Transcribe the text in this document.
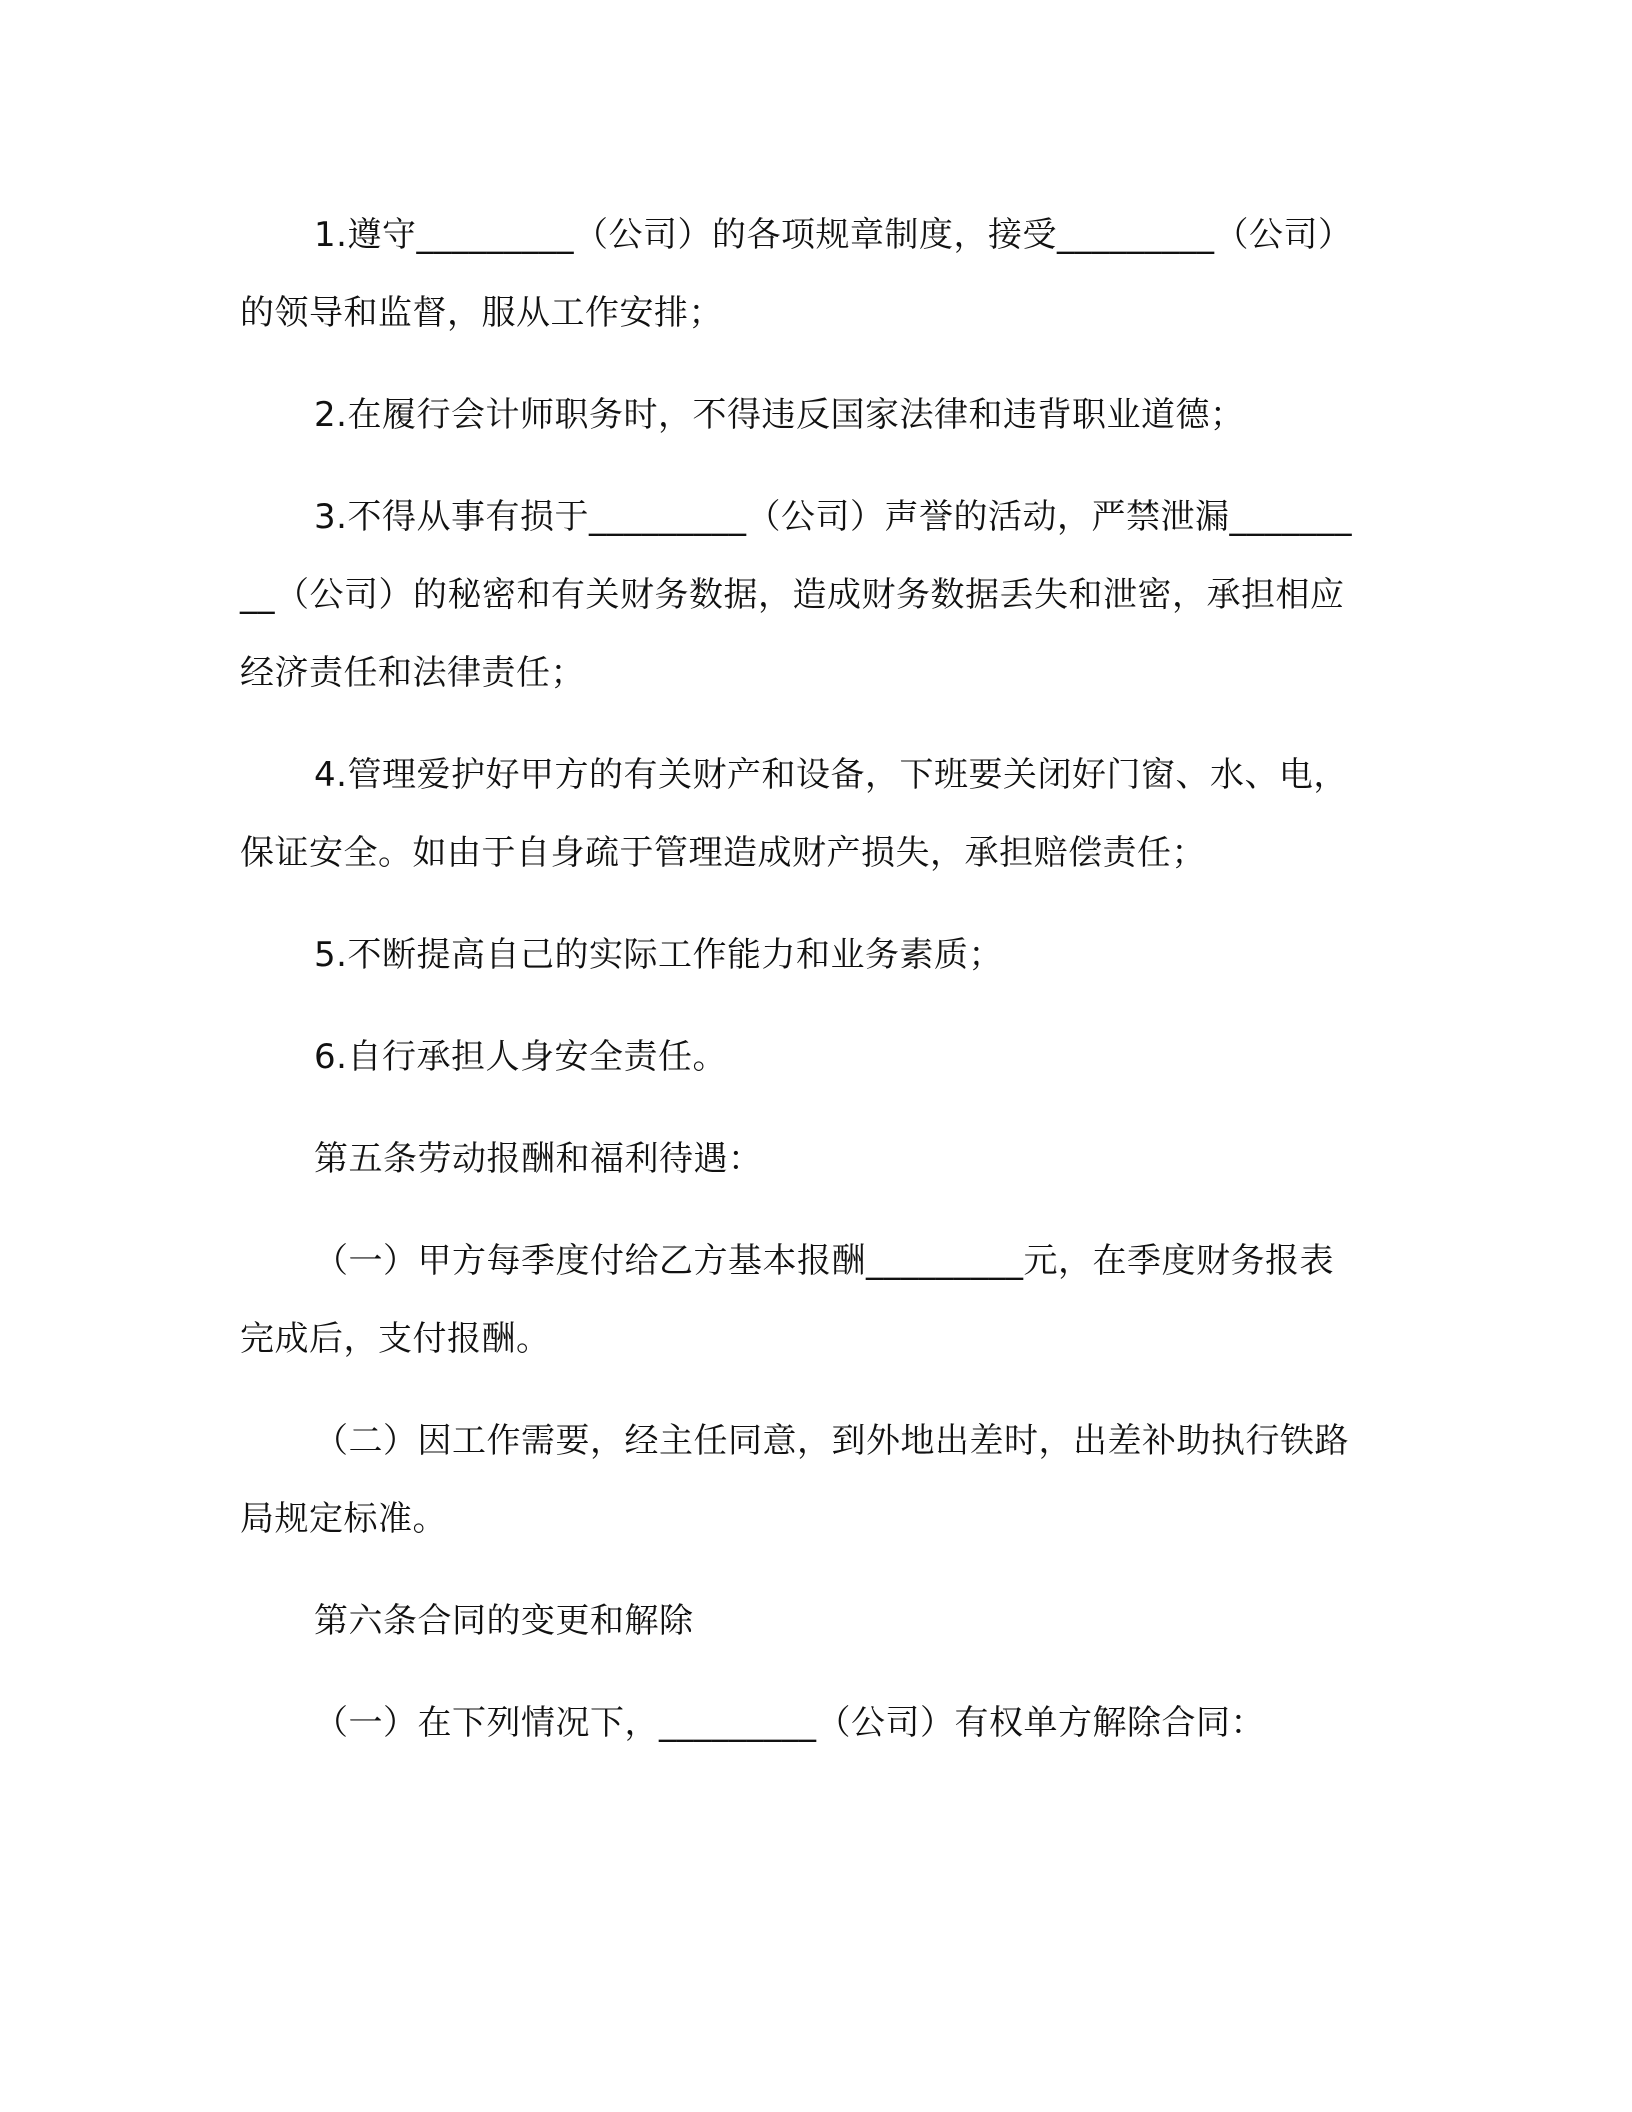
1.遵守_________（公司）的各项规章制度，接受_________（公司）的领导和监督，服从工作安排；

2.在履行会计师职务时，不得违反国家法律和违背职业道德；

3.不得从事有损于_________（公司）声誉的活动，严禁泄漏_________（公司）的秘密和有关财务数据，造成财务数据丢失和泄密，承担相应经济责任和法律责任；

4.管理爱护好甲方的有关财产和设备，下班要关闭好门窗、水、电，保证安全。如由于自身疏于管理造成财产损失，承担赔偿责任；

5.不断提高自己的实际工作能力和业务素质；

6.自行承担人身安全责任。

第五条劳动报酬和福利待遇：

（一）甲方每季度付给乙方基本报酬_________元，在季度财务报表完成后，支付报酬。

（二）因工作需要，经主任同意，到外地出差时，出差补助执行铁路局规定标准。

第六条合同的变更和解除

（一）在下列情况下，_________（公司）有权单方解除合同：
